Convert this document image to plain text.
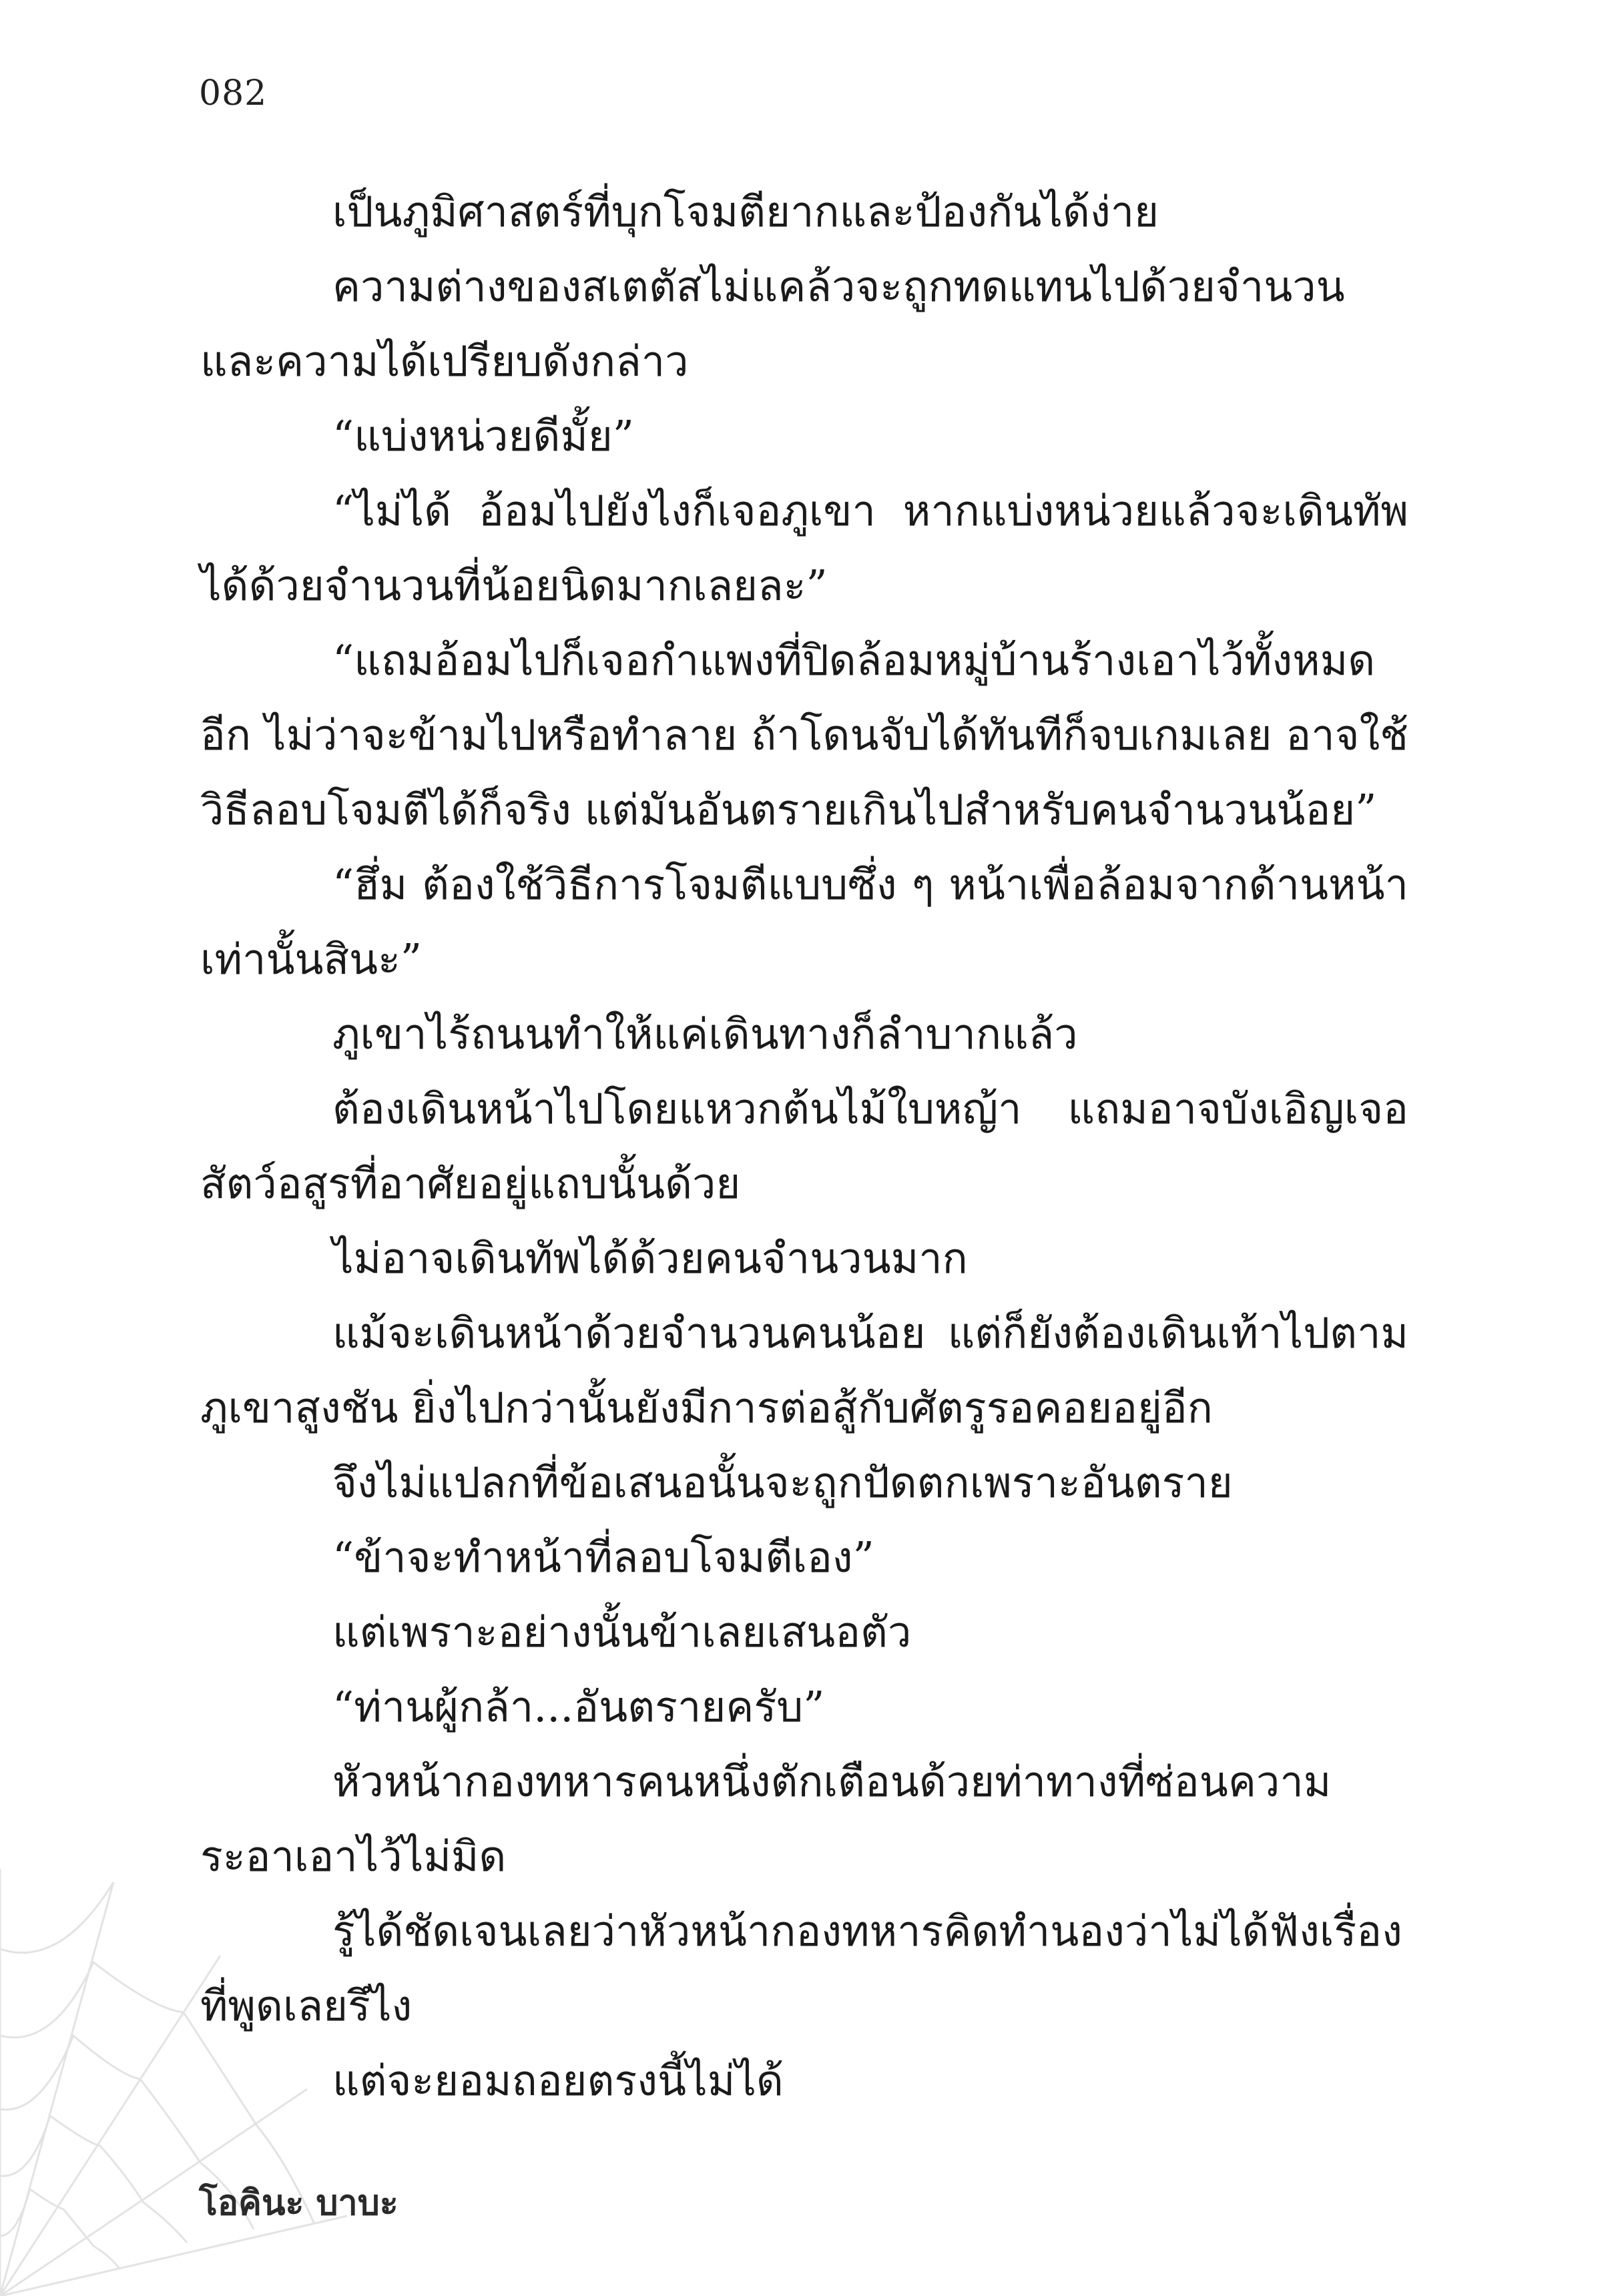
082

เป็นภูมิศาสตร์ที่บุกโจมตียากและป้องกันได้ง่าย

ความต่างของสเตตัสไม่แคล้วจะถูกทดแทนไปด้วยจำนวนและความได้เปรียบดังกล่าว

“แบ่งหน่วยดีมั้ย”

“ไม่ได้ อ้อมไปยังไงก็เจอภูเขา หากแบ่งหน่วยแล้วจะเดินทัพได้ด้วยจำนวนที่น้อยนิดมากเลยละ”

“แถมอ้อมไปก็เจอกำแพงที่ปิดล้อมหมู่บ้านร้างเอาไว้ทั้งหมดอีก ไม่ว่าจะข้ามไปหรือทำลาย ถ้าโดนจับได้ทันทีก็จบเกมเลย อาจใช้วิธีลอบโจมตีได้ก็จริง แต่มันอันตรายเกินไปสำหรับคนจำนวนน้อย”

“ฮึ่ม ต้องใช้วิธีการโจมตีแบบซึ่ง ๆ หน้าเพื่อล้อมจากด้านหน้าเท่านั้นสินะ”

ภูเขาไร้ถนนทำให้แค่เดินทางก็ลำบากแล้ว

ต้องเดินหน้าไปโดยแหวกต้นไม้ใบหญ้า แถมอาจบังเอิญเจอสัตว์อสูรที่อาศัยอยู่แถบนั้นด้วย

ไม่อาจเดินทัพได้ด้วยคนจำนวนมาก

แม้จะเดินหน้าด้วยจำนวนคนน้อย แต่ก็ยังต้องเดินเท้าไปตามภูเขาสูงชัน ยิ่งไปกว่านั้นยังมีการต่อสู้กับศัตรูรอคอยอยู่อีก

จึงไม่แปลกที่ข้อเสนอนั้นจะถูกปัดตกเพราะอันตราย

“ข้าจะทำหน้าที่ลอบโจมตีเอง”

แต่เพราะอย่างนั้นข้าเลยเสนอตัว

“ท่านผู้กล้า...อันตรายครับ”

หัวหน้ากองทหารคนหนึ่งตักเตือนด้วยท่าทางที่ซ่อนความระอาเอาไว้ไม่มิด

รู้ได้ชัดเจนเลยว่าหัวหน้ากองทหารคิดทำนองว่าไม่ได้ฟังเรื่องที่พูดเลยรึไง

แต่จะยอมถอยตรงนี้ไม่ได้

โอคินะ บาบะ
